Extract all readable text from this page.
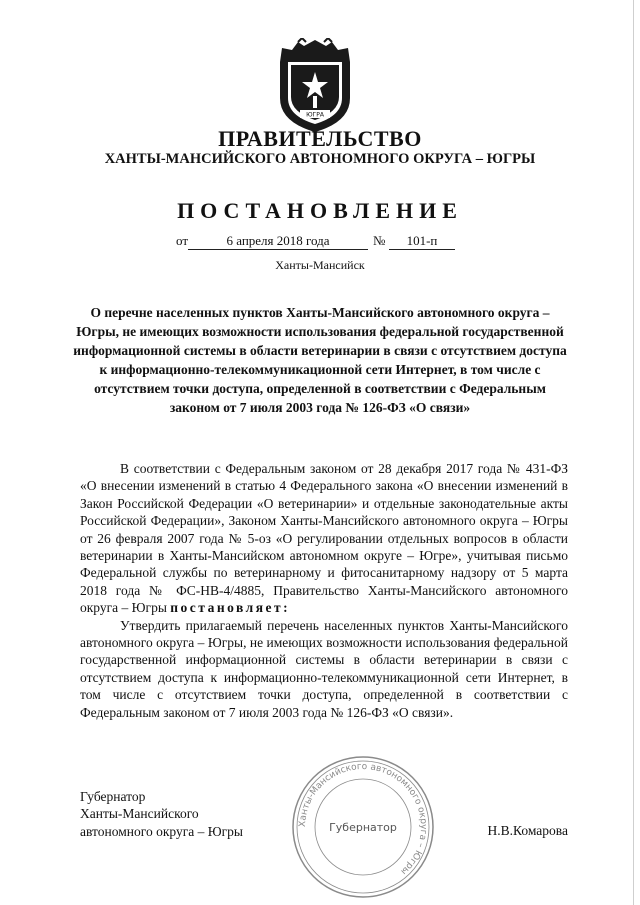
ЮГРА
ПРАВИТЕЛЬСТВО
ХАНТЫ-МАНСИЙСКОГО АВТОНОМНОГО ОКРУГА – ЮГРЫ
ПОСТАНОВЛЕНИЕ
от	6 апреля 2018 года	№	101-п
Ханты-Мансийск
О перечне населенных пунктов Ханты-Мансийского автономного округа – Югры, не имеющих возможности использования федеральной государственной информационной системы в области ветеринарии в связи с отсутствием доступа к информационно-телекоммуникационной сети Интернет, в том числе с отсутствием точки доступа, определенной в соответствии с Федеральным законом от 7 июля 2003 года № 126-ФЗ «О связи»

В соответствии с Федеральным законом от 28 декабря 2017 года № 431-ФЗ «О внесении изменений в статью 4 Федерального закона «О внесении изменений в Закон Российской Федерации «О ветеринарии» и отдельные законодательные акты Российской Федерации», Законом Ханты-Мансийского автономного округа – Югры от 26 февраля 2007 года № 5-оз «О регулировании отдельных вопросов в области ветеринарии в Ханты-Мансийском автономном округе – Югре», учитывая письмо Федеральной службы по ветеринарному и фитосанитарному надзору от 5 марта 2018 года № ФС-НВ-4/4885, Правительство Ханты-Мансийского автономного округа – Югры постановляет:

Утвердить прилагаемый перечень населенных пунктов Ханты-Мансийского автономного округа – Югры, не имеющих возможности использования федеральной государственной информационной системы в области ветеринарии в связи с отсутствием доступа к информационно-телекоммуникационной сети Интернет, в том числе с отсутствием точки доступа, определенной в соответствии с Федеральным законом от 7 июля 2003 года № 126-ФЗ «О связи».

Ханты-Мансийского автономного округа – Югры
Губернатор
Губернатор
Ханты-Мансийского
автономного округа – Югры	Н.В.Комарова
